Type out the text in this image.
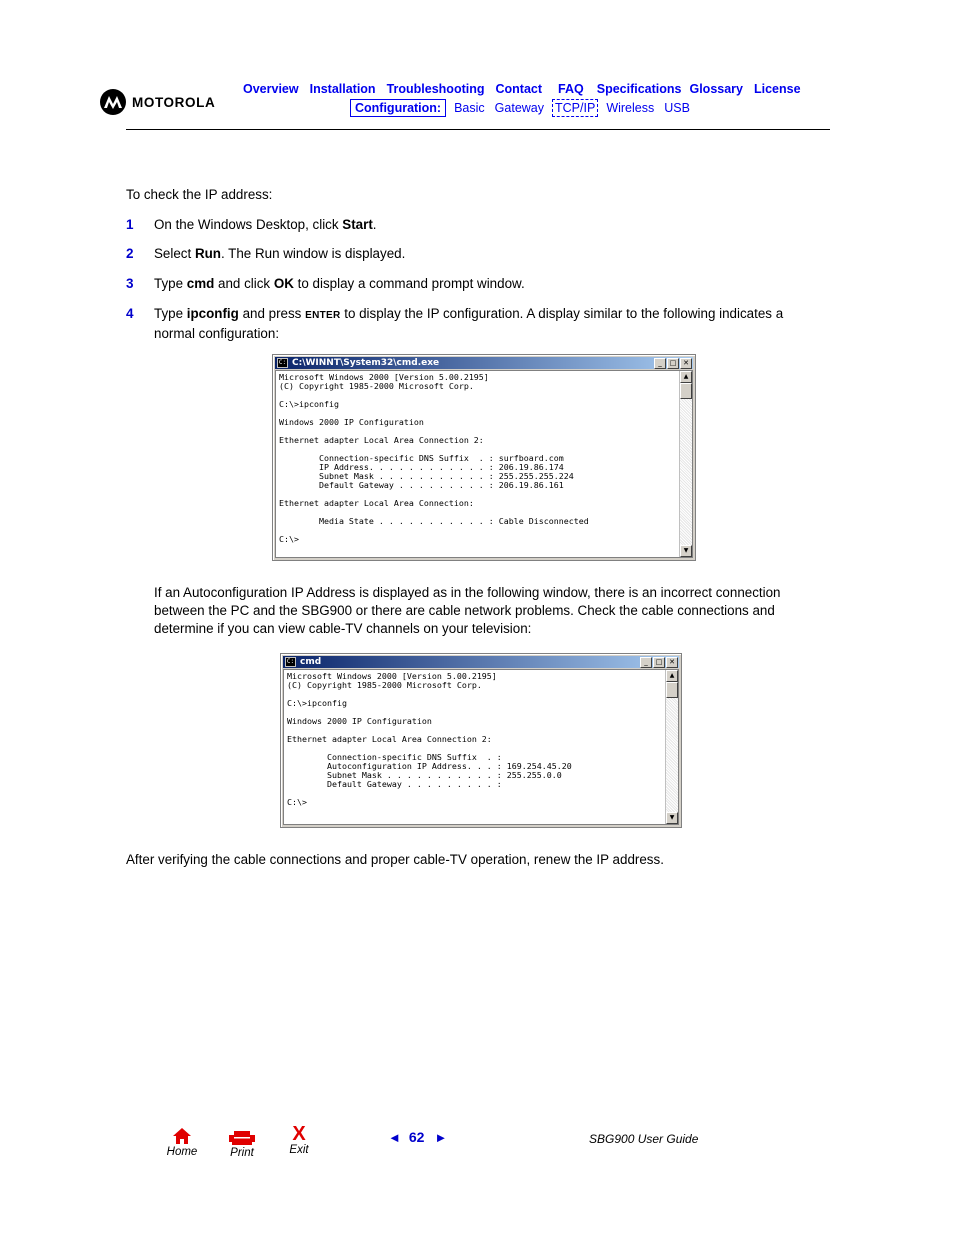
MOTOROLA
Overview Installation Troubleshooting Contact FAQ Specifications Glossary License
Configuration:	Basic Gateway TCP/IP Wireless USB
To check the IP address:
1 On the Windows Desktop, click Start.
2 Select Run. The Run window is displayed.
3 Type cmd and click OK to display a command prompt window.
4 Type ipconfig and press ENTER to display the IP configuration. A display similar to the following indicates a normal configuration:
C: C:\WINNT\System32\cmd.exe	_	□ ✕
Microsoft Windows 2000 [Version 5.00.2195]
(C) Copyright 1985-2000 Microsoft Corp.

C:\>ipconfig

Windows 2000 IP Configuration

Ethernet adapter Local Area Connection 2:

Connection-specific DNS Suffix  . : surfboard.com
IP Address. . . . . . . . . . . . : 206.19.86.174
Subnet Mask . . . . . . . . . . . : 255.255.255.224
Default Gateway . . . . . . . . . : 206.19.86.161

Ethernet adapter Local Area Connection:

Media State . . . . . . . . . . . : Cable Disconnected

C:\>
▲
▼
If an Autoconfiguration IP Address is displayed as in the following window, there is an incorrect connection between the PC and the SBG900 or there are cable network problems. Check the cable connections and determine if you can view cable-TV channels on your television:
C: cmd	_	□ ✕
Microsoft Windows 2000 [Version 5.00.2195]
(C) Copyright 1985-2000 Microsoft Corp.

C:\>ipconfig

Windows 2000 IP Configuration

Ethernet adapter Local Area Connection 2:

Connection-specific DNS Suffix  . :
Autoconfiguration IP Address. . . : 169.254.45.20
Subnet Mask . . . . . . . . . . . : 255.255.0.0
Default Gateway . . . . . . . . . :

C:\>
▲
▼
After verifying the cable connections and proper cable-TV operation, renew the IP address.
Home	Print
X
Exit
◄ 62 ►	SBG900 User Guide
